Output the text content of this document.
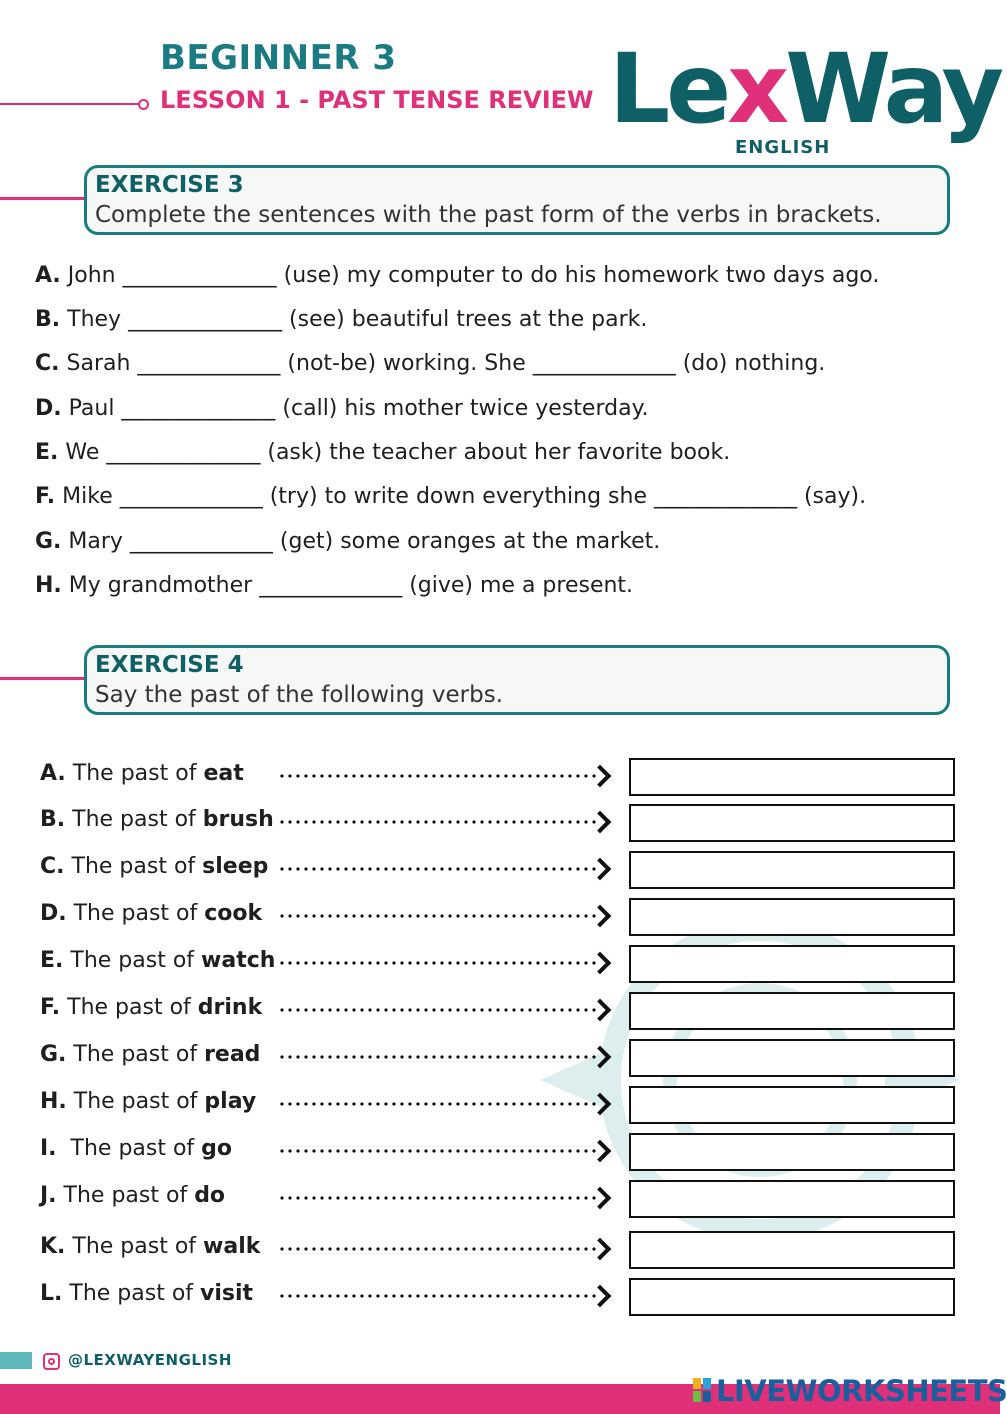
BEGINNER 3
LESSON 1 - PAST TENSE REVIEW LexWay
ENGLISH
EXERCISE 3
Complete the sentences with the past form of the verbs in brackets.
A. John ______________ (use) my computer to do his homework two days ago.
B. They ______________ (see) beautiful trees at the park.
C. Sarah _____________ (not-be) working. She _____________ (do) nothing.
D. Paul ______________ (call) his mother twice yesterday.
E. We ______________ (ask) the teacher about her favorite book.
F. Mike _____________ (try) to write down everything she _____________ (say).
G. Mary _____________ (get) some oranges at the market.
H. My grandmother _____________ (give) me a present.
EXERCISE 4
Say the past of the following verbs.
A. The past of eat
B. The past of brush
C. The past of sleep
D. The past of cook
E. The past of watch
F. The past of drink
G. The past of read
H. The past of play
I.  The past of go
J. The past of do
K. The past of walk
L. The past of visit
@LEXWAYENGLISH
LIVEWORKSHEETS
